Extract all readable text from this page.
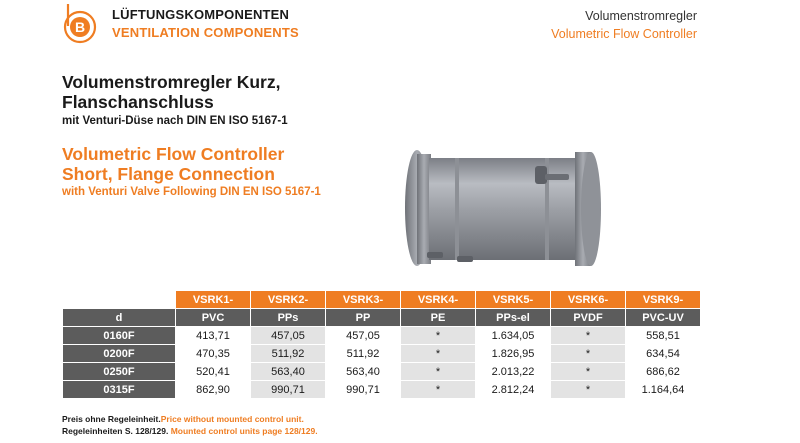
B
LÜFTUNGSKOMPONENTEN
VENTILATION COMPONENTS
Volumenstromregler
Volumetric Flow Controller
Volumenstromregler Kurz,
Flanschanschluss
mit Venturi-Düse nach DIN EN ISO 5167-1
Volumetric Flow Controller
Short, Flange Connection
with Venturi Valve Following DIN EN ISO 5167-1
	VSRK1-	VSRK2-	VSRK3-	VSRK4-	VSRK5-	VSRK6-	VSRK9-
d	PVC	PPs	PP	PE	PPs-el	PVDF	PVC-UV
0160F	413,71	457,05	457,05	*	1.634,05	*	558,51
0200F	470,35	511,92	511,92	*	1.826,95	*	634,54
0250F	520,41	563,40	563,40	*	2.013,22	*	686,62
0315F	862,90	990,71	990,71	*	2.812,24	*	1.164,64
Preis ohne Regeleinheit.Price without mounted control unit.
Regeleinheiten S. 128/129. Mounted control units page 128/129.
